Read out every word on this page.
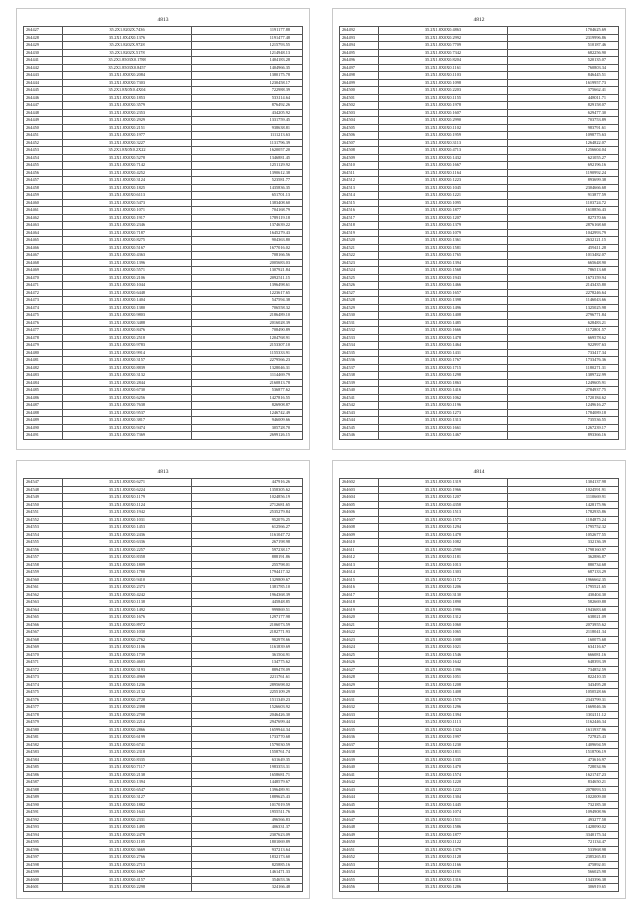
4813
264427	35.2X1.8202X.7436	1191177.88
264428	35.2X1.8X4X0.1376	1191477.48
264429	35.2X1.8202X.9728	1215793.55
264430	35.2X1.8202X.5178	1214948.13
264441	35.2X1.8503X0.1788	1404183.28
264442	35.2X1.8503X0.8457	1404966.35
264443	35.2X1.8X0X0.2084	1380175.78
264444	35.2X1.8X0X0.7303	1230458.17
264445	35.2X1.8X0X0.4X04	722988.39
264446	35.2X1.8X0X0.1853	533114.64
264447	35.2X1.8X0X0.3579	876492.26
264448	35.2X1.8X0X0.2353	434205.92
264449	35.2X1.8X0X0.2929	1331759.45
264450	35.2X1.8X0X0.2151	938638.81
264451	35.2X1.8X0X0.1977	1111213.63
264452	35.2X1.8X0X0.3227	1131796.39
264453	35.2X1.8X0X0.2X22	1620057.20
264454	35.2X1.8X0X0.5278	1346881.45
264455	35.2X1.8X0X0.7142	1251129.92
264456	35.2X1.8X0X0.4252	1390612.38
264457	35.2X1.8X0X0.3124	523581.77
264458	35.2X1.8X0X0.1825	1435836.35
264459	35.2X1.8X0X0.6113	651701.13
264460	35.2X1.8X0X0.5473	1383408.60
264461	35.2X1.8X0X0.1071	704168.79
264462	35.2X1.8X0X0.1917	1789119.18
264463	35.2X1.8X0X0.2346	1374639.22
264464	35.2X1.8X0X0.7187	1645279.43
264465	35.2X1.8X0X0.8275	904363.80
264466	35.2X1.8X0X0.5167	1677016.02
264467	35.2X1.8X0X0.4363	708166.56
264468	35.2X1.8X0X0.1396	2005683.03
264469	35.2X1.8X0X0.5571	1307921.84
264470	35.2X1.8X0X0.2106	2092511.15
264471	35.2X1.8X0X0.1044	1396498.61
264472	35.2X1.8X0X0.6448	1223617.65
264473	35.2X1.8X0X0.1404	547594.38
264474	35.2X1.8X0X0.1380	706558.32
264475	35.2X1.8X0X0.9803	2186489.10
264476	35.2X1.8X0X0.3488	2016028.39
264477	35.2X1.8X0X0.8476	708490.89
264478	35.2X1.8X0X0.2518	1204768.91
264479	35.2X1.8X0X0.9783	2153307.10
264480	35.2X1.8X0X0.9914	1155333.91
264481	35.2X1.8X0X0.3157	2279566.23
264482	35.2X1.8X0X0.8839	1328046.31
264483	35.2X1.8X0X0.3132	1114469.79
264484	35.2X1.8X0X0.2844	2160813.78
264485	35.2X1.8X0X0.6730	536877.62
264486	35.2X1.8X0X0.6256	1427816.55
264487	35.2X1.8X0X0.7638	826908.87
264488	35.2X1.8X0X0.9537	1246742.49
264489	35.2X1.8X0X0.3817	946009.66
264490	35.2X1.8X0X0.9474	305728.70
264491	35.2X1.8X0X0.7369	2699126.15
4812
264492	35.2X1.8X0X0.4863	1704625.69
264493	35.2X1.8X0X0.2992	2319996.86
264494	35.2X1.8X0X0.7709	510187.46
264495	35.2X1.8X0X0.7342	682256.90
264496	35.2X1.8X0X0.8204	520135.07
264497	35.2X1.8X0X0.1161	760803.34
264498	35.2X1.8X0X0.1103	846445.51
264499	35.2X1.8X0X0.1098	1619957.73
264500	35.2X1.8X0X0.2203	375662.41
264501	35.2X1.8X0X0.1155	448011.71
264502	35.2X1.8X0X0.1978	829158.07
264503	35.2X1.8X0X0.1607	629477.30
264504	35.2X1.8X0X0.2990	703753.89
264505	35.2X1.8X0X0.1102	983791.61
264506	35.2X1.8X0X0.1959	1098775.63
264507	35.2X1.8X0X0.3113	1264822.07
264508	35.2X1.8X0X0.4713	1256604.04
264509	35.2X1.8X0X0.1432	621055.27
264510	35.2X1.8X0X0.1667	692196.16
264511	35.2X1.8X0X0.1164	1190992.24
264512	35.2X1.8X0X0.1223	893699.38
264513	35.2X1.8X0X0.1045	2304666.68
264514	35.2X1.8X0X0.1221	913877.59
264515	35.2X1.8X0X0.1095	1103724.72
264516	35.2X1.8X0X0.1877	1618856.43
264517	35.2X1.8X0X0.1207	827370.66
264518	35.2X1.8X0X0.1379	2876168.60
264519	35.2X1.8X0X0.1079	1042993.79
264520	35.2X1.8X0X0.1361	2632121.15
264521	35.2X1.8X0X0.1581	459411.28
264522	35.2X1.8X0X0.1765	1013482.07
264523	35.2X1.8X0X0.1394	665648.90
264524	35.2X1.8X0X0.1568	786513.68
264525	35.2X1.8X0X0.1943	1673159.94
264526	35.2X1.8X0X0.1466	2143435.80
264527	35.2X1.8X0X0.1657	2278246.64
264528	35.2X1.8X0X0.1398	1146043.66
264529	35.2X1.8X0X0.1496	1325025.98
264530	35.2X1.8X0X0.1408	2796771.84
264531	35.2X1.8X0X0.1485	628483.21
264532	35.2X1.8X0X0.1666	1172801.57
264533	35.2X1.8X0X0.1478	669578.62
264534	35.2X1.8X0X0.1464	922997.63
264535	35.2X1.8X0X0.1431	733417.34
264536	35.2X1.8X0X0.1767	1733476.36
264537	35.2X1.8X0X0.1715	1180271.31
264538	35.2X1.8X0X0.1298	1389722.99
264539	35.2X1.8X0X0.1863	1249605.91
264540	35.2X1.8X0X0.1416	2784937.75
264541	35.2X1.8X0X0.1062	1720184.62
264542	35.2X1.8X0X0.1196	1249616.27
264543	35.2X1.8X0X0.1273	1784089.18
264544	35.2X1.8X0X0.1313	735536.55
264545	35.2X1.8X0X0.1661	1267239.17
264546	35.2X1.8X0X0.1467	893366.16
4813
264547	35.2X1.8X0X0.6271	447916.26
264548	35.2X1.8X0X0.6224	1358305.62
264549	35.2X1.8X0X0.1179	1024856.19
264550	35.2X1.8X0X0.1124	2712681.65
264551	35.2X1.8X0X0.1942	2535279.84
264552	35.2X1.8X0X0.1031	952076.25
264553	35.2X1.8X0X0.1453	612566.27
264554	35.2X1.8X0X0.2436	1161047.72
264555	35.2X1.8X0X0.6336	267198.98
264556	35.2X1.8X0X0.2257	597238.17
264557	35.2X1.8X0X0.8358	888191.86
264558	35.2X1.8X0X0.1809	255798.01
264559	35.2X1.8X0X0.1780	1794417.32
264560	35.2X1.8X0X0.9410	1329809.67
264561	35.2X1.8X0X0.2373	1381785.10
264562	35.2X1.8X0X0.4242	1964368.39
264563	35.2X1.8X0X0.1138	445848.85
264564	35.2X1.8X0X0.1492	999869.51
264565	35.2X1.8X0X0.1676	1297177.98
264566	35.2X1.8X0X0.8972	2106073.59
264567	35.2X1.8X0X0.1030	2182771.93
264568	35.2X1.8X0X0.2762	902978.66
264569	35.2X1.8X0X0.1106	1161839.69
264570	35.2X1.8X0X0.1739	361504.91
264571	35.2X1.8X0X0.4603	134775.62
264572	35.2X1.8X0X0.3193	889478.09
264573	35.2X1.8X0X0.4969	2211761.61
264574	35.2X1.8X0X0.1236	2895698.02
264575	35.2X1.8X0X0.2132	2255109.29
264576	35.2X1.8X0X0.2728	1511349.23
264577	35.2X1.8X0X0.2398	1526603.92
264578	35.2X1.8X0X0.2708	2046426.30
264579	35.2X1.8X0X0.2214	2947699.44
264580	35.2X1.8X0X0.2866	1659944.34
264581	35.2X1.8X0X0.6199	1733770.68
264582	35.2X1.8X0X0.6741	1579030.59
264583	35.2X1.8X0X0.2318	1558761.74
264584	35.2X1.8X0X0.8335	631649.35
264585	35.2X1.8X0X0.7117	1983353.31
264586	35.2X1.8X0X0.2138	1658681.71
264587	35.2X1.8X0X0.1394	1448579.67
264588	35.2X1.8X0X0.6547	1396489.91
264589	35.2X1.8X0X0.3127	1889625.43
264590	35.2X1.8X0X0.1882	1017019.59
264591	35.2X1.8X0X0.1643	1955511.76
264592	35.2X1.8X0X0.2331	496566.83
264593	35.2X1.8X0X0.1495	406331.37
264594	35.2X1.8X0X0.2478	2307623.09
264595	35.2X1.8X0X0.1105	1801069.89
264596	35.2X1.8X0X0.3669	937213.64
264597	35.2X1.8X0X0.2766	1832173.60
264598	35.2X1.8X0X0.2713	825885.16
264599	35.2X1.8X0X0.1667	1461471.33
264600	35.2X1.8X0X0.4157	354653.36
264601	35.2X1.8X0X0.2298	324166.48
4814
264602	35.2X1.8X0X0.1319	1304137.98
264603	35.2X1.8X0X0.1966	1024591.91
264604	35.2X1.8X0X0.1207	1110669.91
264605	35.2X1.8X0X0.4358	1428175.96
264606	35.2X1.8X0X0.1513	1782935.86
264607	35.2X1.8X0X0.1573	1184875.24
264608	35.2X1.8X0X0.1294	1795752.32
264609	35.2X1.8X0X0.1478	1052677.55
264610	35.2X1.8X0X0.1082	332136.39
264611	35.2X1.8X0X0.2590	1798160.97
264612	35.2X1.8X0X0.1181	362886.87
264613	35.2X1.8X0X0.1013	880734.68
264614	35.2X1.8X0X0.1303	687133.29
264615	35.2X1.8X0X0.1172	1966662.35
264616	35.2X1.8X0X0.1206	1795521.65
264617	35.2X1.8X0X0.3130	430404.30
264618	35.2X1.8X0X0.1890	582669.88
264619	35.2X1.8X0X0.1996	1943683.68
264620	35.2X1.8X0X0.1312	638021.09
264621	35.2X1.8X0X0.1060	2073955.62
264622	35.2X1.8X0X0.1065	2118041.34
264623	35.2X1.8X0X0.1008	160075.68
264624	35.2X1.8X0X0.1021	634116.67
264625	35.2X1.8X0X0.1546	666081.16
264626	35.2X1.8X0X0.1642	648393.39
264627	35.2X1.8X0X0.1396	734852.59
264628	35.2X1.8X0X0.1051	822410.35
264629	35.2X1.8X0X0.1208	343495.28
264630	35.2X1.8X0X0.1408	1050528.66
264631	35.2X1.8X0X0.1570	2343799.31
264632	35.2X1.8X0X0.1296	1669046.36
264633	35.2X1.8X0X0.1394	1302111.12
264634	35.2X1.8X0X0.1113	1162446.34
264635	35.2X1.8X0X0.1324	1611937.96
264636	35.2X1.8X0X0.1997	727825.43
264637	35.2X1.8X0X0.1230	1409694.59
264638	35.2X1.8X0X0.1811	1518706.19
264639	35.2X1.8X0X0.1335	473616.97
264640	35.2X1.8X0X0.1470	728034.96
264641	35.2X1.8X0X0.1574	1621747.23
264642	35.2X1.8X0X0.1220	834650.21
264643	35.2X1.8X0X0.1223	2078093.53
264644	35.2X1.8X0X0.1304	1022009.00
264645	35.2X1.8X0X0.1445	732185.30
264646	35.2X1.8X0X0.1074	1094908.96
264647	35.2X1.8X0X0.1511	493277.58
264648	35.2X1.8X0X0.1586	1428090.02
264649	35.2X1.8X0X0.1877	3340175.34
264650	35.2X1.8X0X0.1122	721134.47
264651	35.2X1.8X0X0.1379	533968.98
264652	35.2X1.8X0X0.1128	2385265.83
264653	35.2X1.8X0X0.1166	475892.01
264654	35.2X1.8X0X0.1191	566025.98
264655	35.2X1.8X0X0.1316	1343396.38
264656	35.2X1.8X0X0.1286	306919.65
